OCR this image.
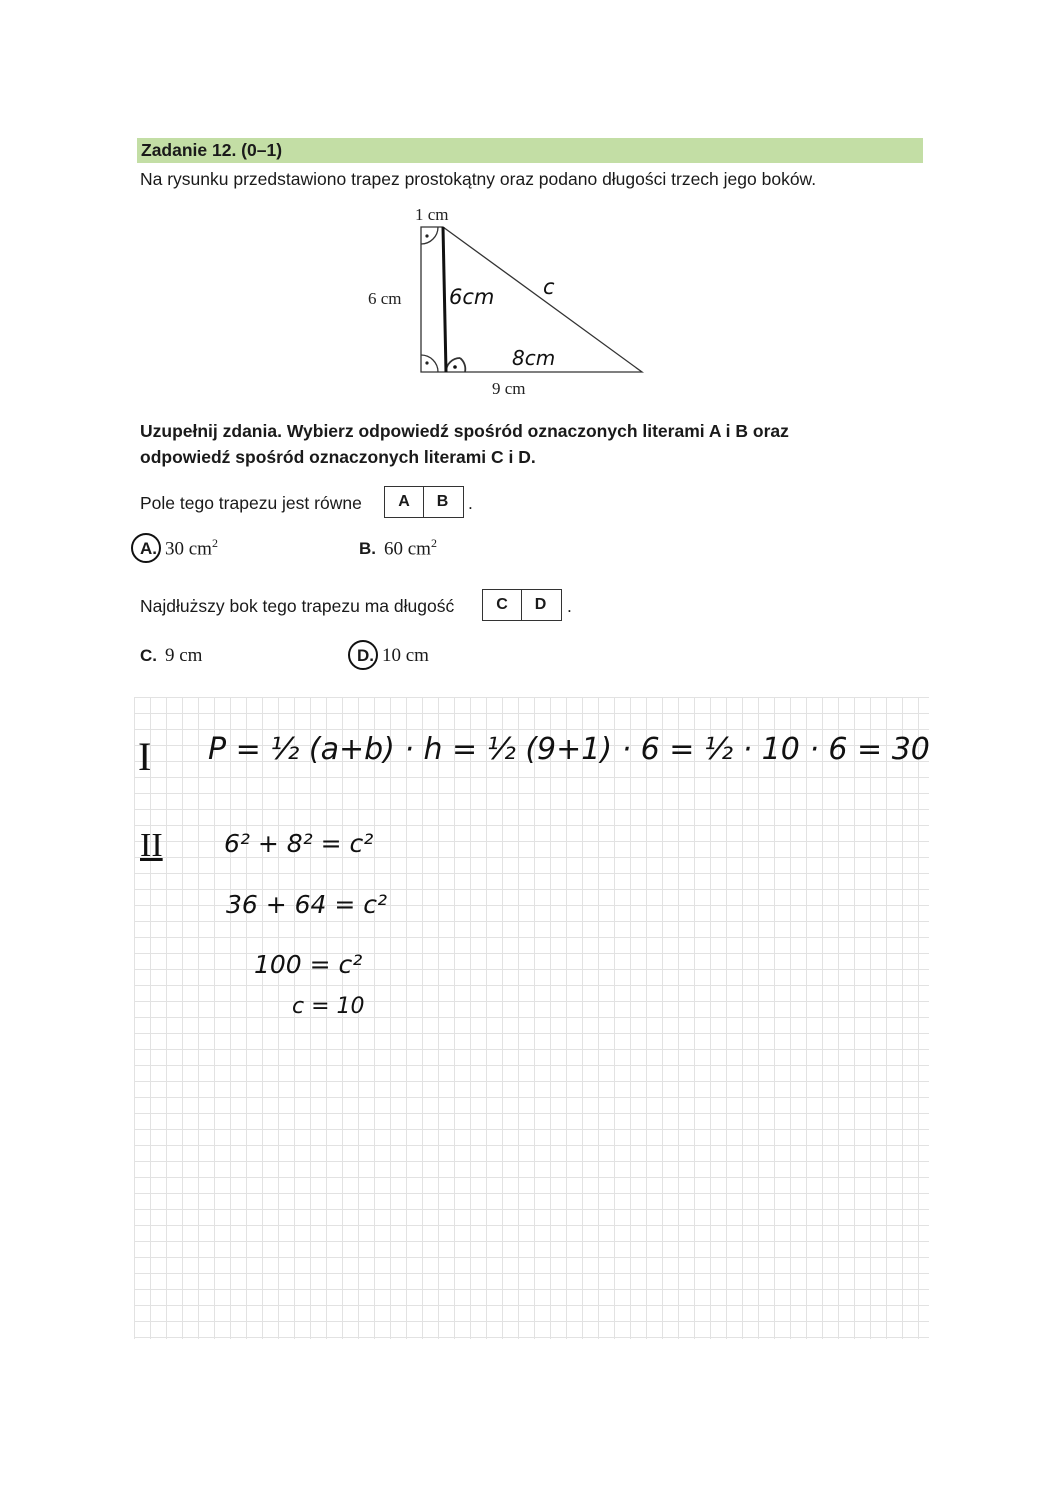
Zadanie 12. (0–1)
Na rysunku przedstawiono trapez prostokątny oraz podano długości trzech jego boków.
1 cm
6 cm
9 cm
6cm
8cm
c
Uzupełnij zdania. Wybierz odpowiedź spośród oznaczonych literami A i B oraz
odpowiedź spośród oznaczonych literami C i D.
Pole tego trapezu jest równe	A	B	.
A. 30 $cm^2$	B. 60 $cm^2$
Najdłuższy bok tego trapezu ma długość	C	D	.
C. 9 cm	D. 10 cm
I P = ½ (a+b) · h = ½ (9+1) · 6 = ½ · 10 · 6 = 30
II 6² + 8² = c²
36 + 64 = c²
100 = c²
c = 10
